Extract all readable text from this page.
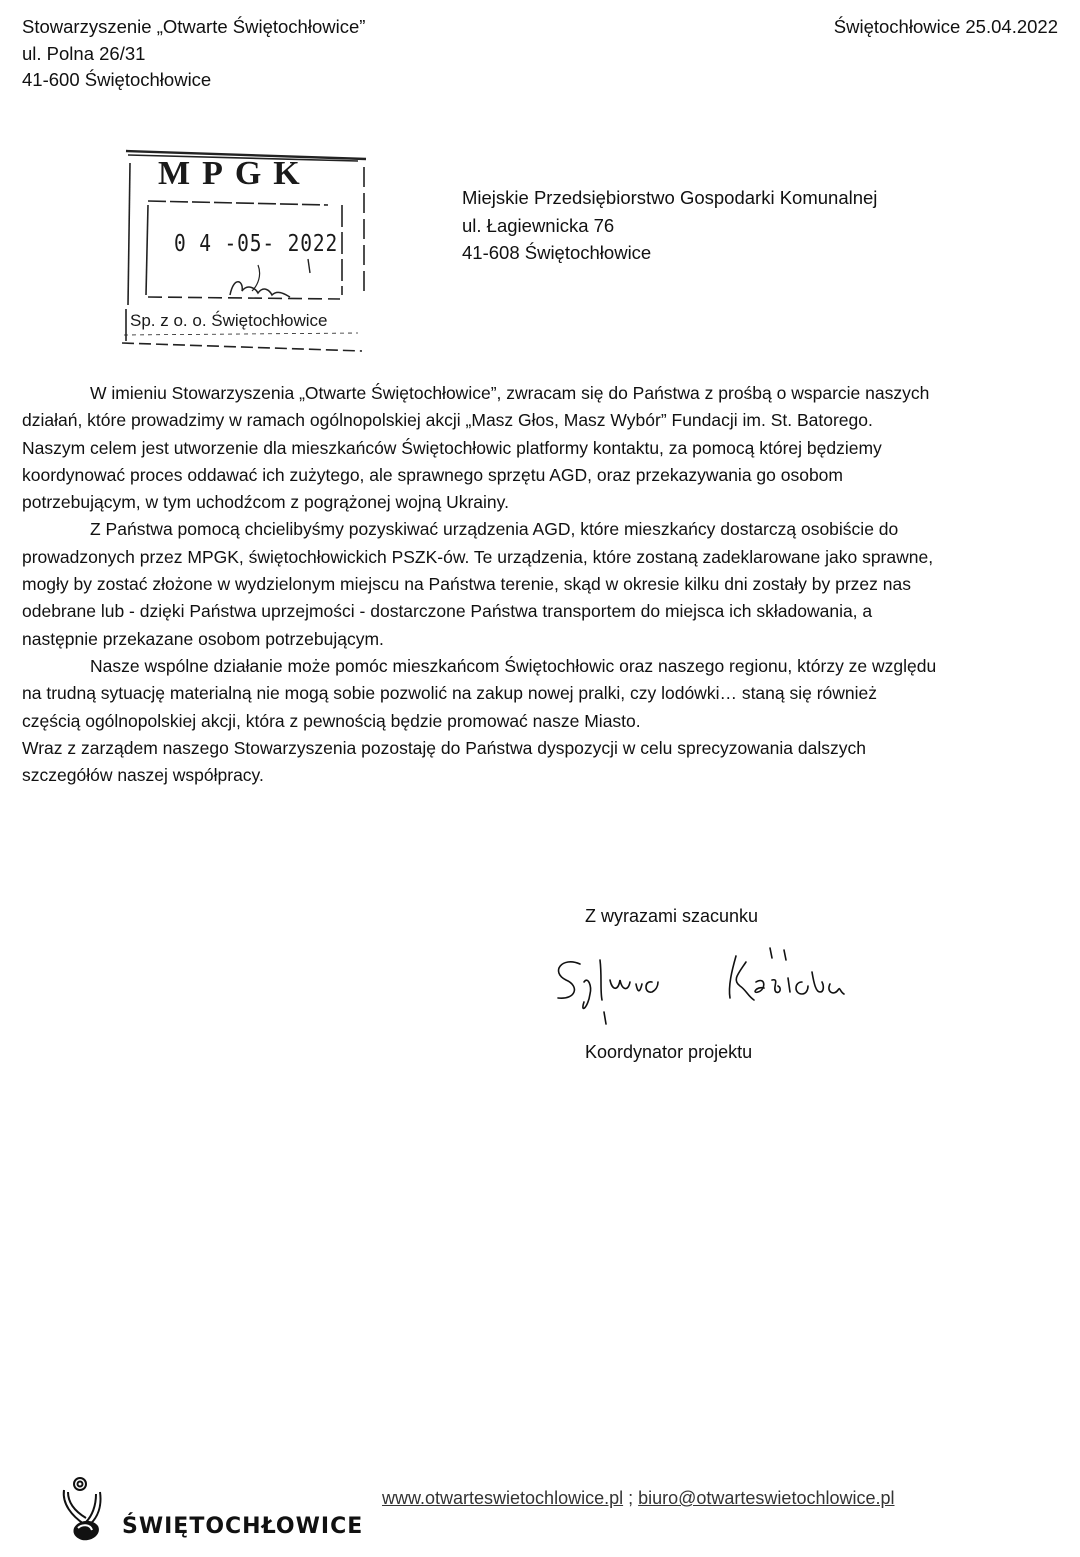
Stowarzyszenie „Otwarte Świętochłowice”
ul. Polna 26/31
41-600 Świętochłowice
Świętochłowice 25.04.2022
MPGK
0 4 -05- 2022
Sp. z o. o. Świętochłowice
Miejskie Przedsiębiorstwo Gospodarki Komunalnej
ul. Łagiewnicka 76
41-608 Świętochłowice
W imieniu Stowarzyszenia „Otwarte Świętochłowice”, zwracam się do Państwa z prośbą o wsparcie naszych
działań, które prowadzimy w ramach ogólnopolskiej akcji „Masz Głos, Masz Wybór” Fundacji im. St. Batorego.
Naszym celem jest utworzenie dla mieszkańców Świętochłowic platformy kontaktu, za pomocą której będziemy
koordynować proces oddawać ich zużytego, ale sprawnego sprzętu AGD, oraz przekazywania go osobom
potrzebującym, w tym uchodźcom z pogrążonej wojną Ukrainy.
Z Państwa pomocą chcielibyśmy pozyskiwać urządzenia AGD, które mieszkańcy dostarczą osobiście do
prowadzonych przez MPGK, świętochłowickich PSZK-ów. Te urządzenia, które zostaną zadeklarowane jako sprawne,
mogły by zostać złożone w wydzielonym miejscu na Państwa terenie, skąd w okresie kilku dni zostały by przez nas
odebrane lub - dzięki Państwa uprzejmości - dostarczone Państwa transportem do miejsca ich składowania, a
następnie przekazane osobom potrzebującym.
Nasze wspólne działanie może pomóc mieszkańcom Świętochłowic oraz naszego regionu, którzy ze względu
na trudną sytuację materialną nie mogą sobie pozwolić na zakup nowej pralki, czy lodówki… staną się również
częścią ogólnopolskiej akcji, która z pewnością będzie promować nasze Miasto.
Wraz z zarządem naszego Stowarzyszenia pozostaję do Państwa dyspozycji w celu sprecyzowania dalszych
szczegółów naszej współpracy.
Z wyrazami szacunku
Koordynator projektu
ŚWIĘTOCHŁOWICE
www.otwarteswietochlowice.pl ; biuro@otwarteswietochlowice.pl
